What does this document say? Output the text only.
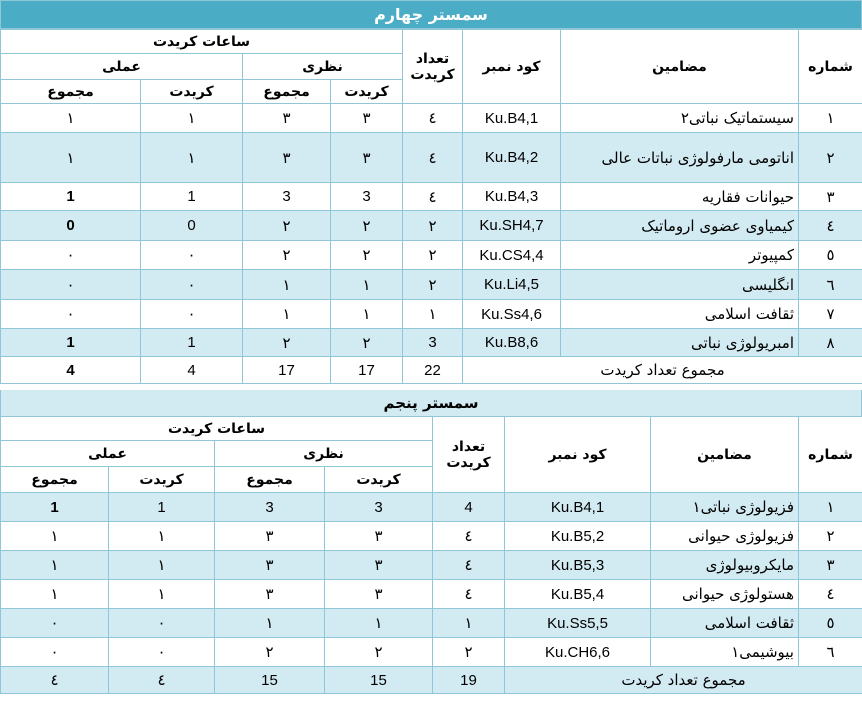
سمستر چهارم
شماره	مضامین	کود نمبر	تعداد کریدت	ساعات کریدت			
				نظری		عملی	
				کریدت	مجموع	کریدت	مجموع
۱	سیستماتیک نباتی۲	Ku.B4,1	٤	۳	۳	۱	۱
۲	اناتومی مارفولوژی نباتات عالی	Ku.B4,2	٤	۳	۳	۱	۱
۳	حیوانات فقاریه	Ku.B4,3	٤	3	3	1	1
٤	کیمیاوی عضوی اروماتیک	Ku.SH4,7	۲	۲	۲	0	0
٥	کمپیوتر	Ku.CS4,4	۲	۲	۲	٠	٠
٦	انگلیسی	Ku.Li4,5	۲	۱	۱	٠	٠
۷	ثقافت اسلامی	Ku.Ss4,6	۱	۱	۱	٠	٠
۸	امبریولوژی نباتی	Ku.B8,6	3	۲	۲	1	1
مجموع تعداد کریدت			22	17	17	4	4
سمستر پنجم
شماره	مضامین	کود نمبر	تعداد کریدت	ساعات کریدت			
				نظری		عملی	
				کریدت	مجموع	کریدت	مجموع
۱	فزیولوژی نباتی۱	Ku.B4,1	4	3	3	1	1
۲	فزیولوژی حیوانی	Ku.B5,2	٤	۳	۳	۱	۱
۳	مایکروبیولوژی	Ku.B5,3	٤	۳	۳	۱	۱
٤	هستولوژی حیوانی	Ku.B5,4	٤	۳	۳	۱	۱
٥	ثقافت اسلامی	Ku.Ss5,5	۱	۱	۱	٠	٠
٦	بیوشیمی۱	Ku.CH6,6	۲	۲	۲	٠	٠
مجموع تعداد کریدت			19	15	15	٤	٤
